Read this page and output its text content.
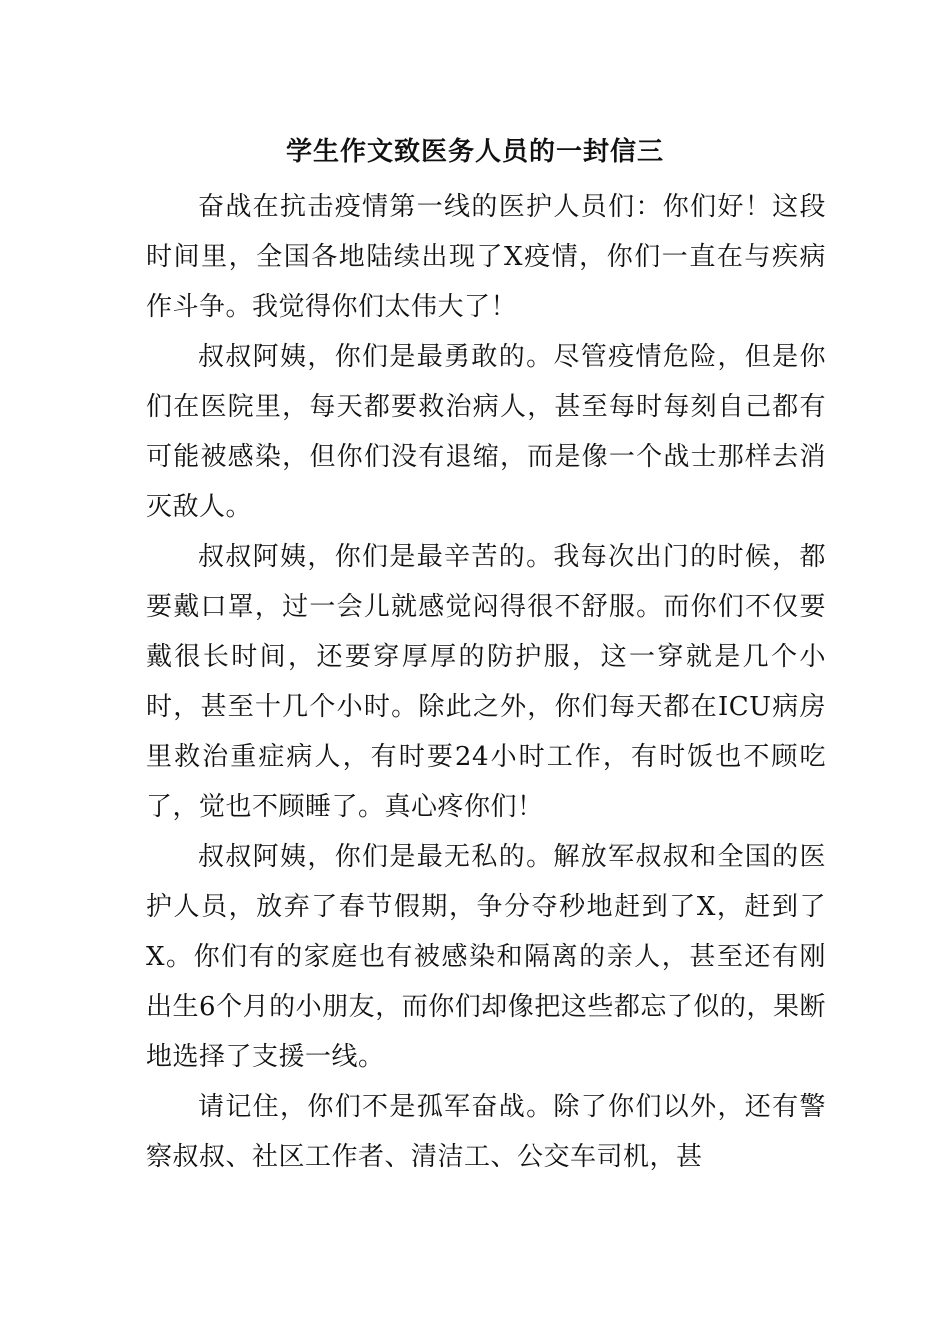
学生作文致医务人员的一封信三

奋战在抗击疫情第一线的医护人员们：你们好！这段时间里，全国各地陆续出现了X疫情，你们一直在与疾病作斗争。我觉得你们太伟大了！

叔叔阿姨，你们是最勇敢的。尽管疫情危险，但是你们在医院里，每天都要救治病人，甚至每时每刻自己都有可能被感染，但你们没有退缩，而是像一个战士那样去消灭敌人。

叔叔阿姨，你们是最辛苦的。我每次出门的时候，都要戴口罩，过一会儿就感觉闷得很不舒服。而你们不仅要戴很长时间，还要穿厚厚的防护服，这一穿就是几个小时，甚至十几个小时。除此之外，你们每天都在ICU病房里救治重症病人，有时要24小时工作，有时饭也不顾吃了，觉也不顾睡了。真心疼你们！

叔叔阿姨，你们是最无私的。解放军叔叔和全国的医护人员，放弃了春节假期，争分夺秒地赶到了X，赶到了X。你们有的家庭也有被感染和隔离的亲人，甚至还有刚出生6个月的小朋友，而你们却像把这些都忘了似的，果断地选择了支援一线。

请记住，你们不是孤军奋战。除了你们以外，还有警察叔叔、社区工作者、清洁工、公交车司机，甚
